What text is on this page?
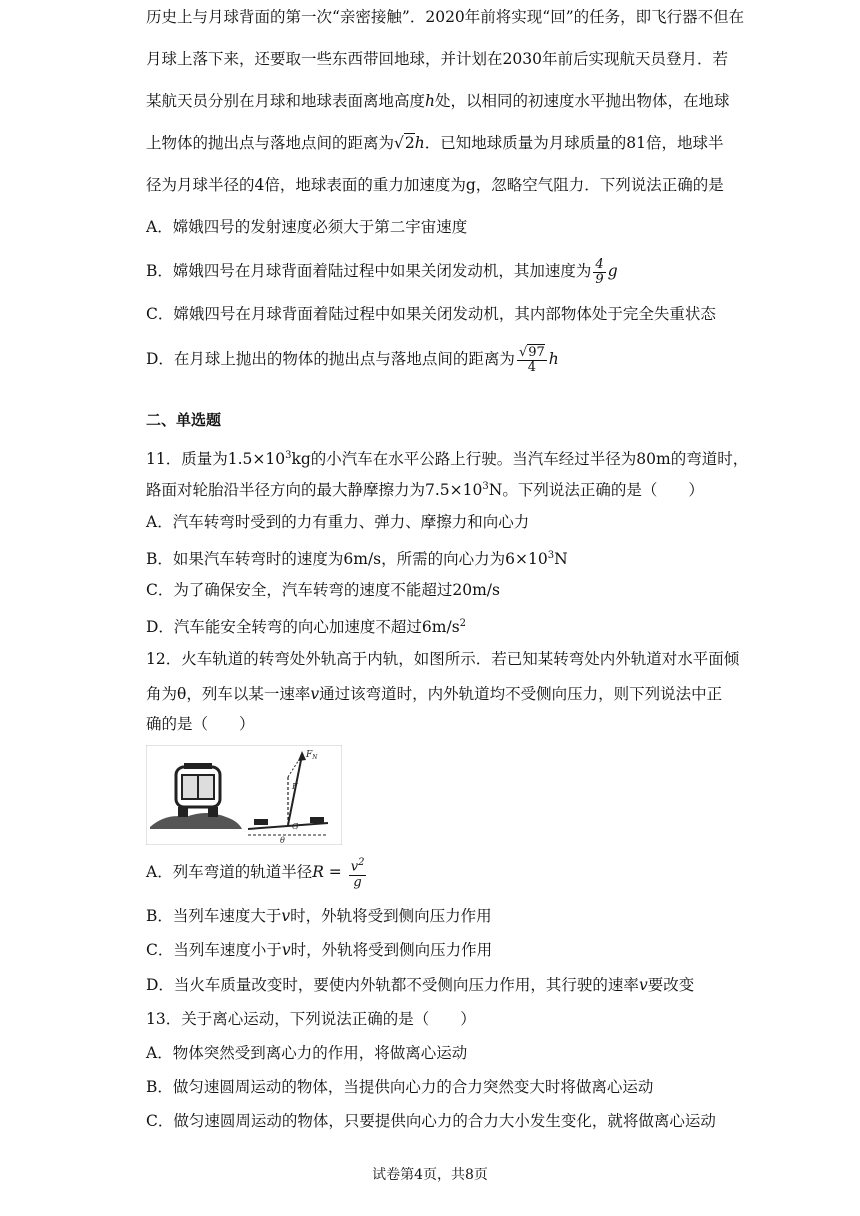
历史上与月球背面的第一次“亲密接触”．2020年前将实现“回”的任务，即飞行器不但在
月球上落下来，还要取一些东西带回地球，并计划在2030年前后实现航天员登月．若
某航天员分别在月球和地球表面离地高度h处，以相同的初速度水平抛出物体，在地球
上物体的抛出点与落地点间的距离为√2h．已知地球质量为月球质量的81倍，地球半
径为月球半径的4倍，地球表面的重力加速度为g，忽略空气阻力．下列说法正确的是
A．嫦娥四号的发射速度必须大于第二宇宙速度
B．嫦娥四号在月球背面着陆过程中如果关闭发动机，其加速度为 $\frac{4}{9}$ g
C．嫦娥四号在月球背面着陆过程中如果关闭发动机，其内部物体处于完全失重状态
D．在月球上抛出的物体的抛出点与落地点间的距离为 $\frac{√97}{4}$ h
二、单选题
11．质量为$1.5\times 10^3kg$的小汽车在水平公路上行驶。当汽车经过半径为80m的弯道时，
路面对轮胎沿半径方向的最大静摩擦力为$7.5\times 10^3N$。下列说法正确的是（　　）
A．汽车转弯时受到的力有重力、弹力、摩擦力和向心力
B．如果汽车转弯时的速度为6m/s，所需的向心力为$6\times 10^3N$
C．为了确保安全，汽车转弯的速度不能超过20m/s
D．汽车能安全转弯的向心加速度不超过$6m/s^2$
12．火车轨道的转弯处外轨高于内轨，如图所示．若已知某转弯处内外轨道对水平面倾
角为θ，列车以某一速率v通过该弯道时，内外轨道均不受侧向压力，则下列说法中正
确的是（　　）
$F_N$
F
G
θ
A．列车弯道的轨道半径$R = \frac{v^2}{g}$
B．当列车速度大于v时，外轨将受到侧向压力作用
C．当列车速度小于v时，外轨将受到侧向压力作用
D．当火车质量改变时，要使内外轨都不受侧向压力作用，其行驶的速率v要改变
13．关于离心运动，下列说法正确的是（　　）
A．物体突然受到离心力的作用，将做离心运动
B．做匀速圆周运动的物体，当提供向心力的合力突然变大时将做离心运动
C．做匀速圆周运动的物体，只要提供向心力的合力大小发生变化，就将做离心运动
试卷第4页，共8页
